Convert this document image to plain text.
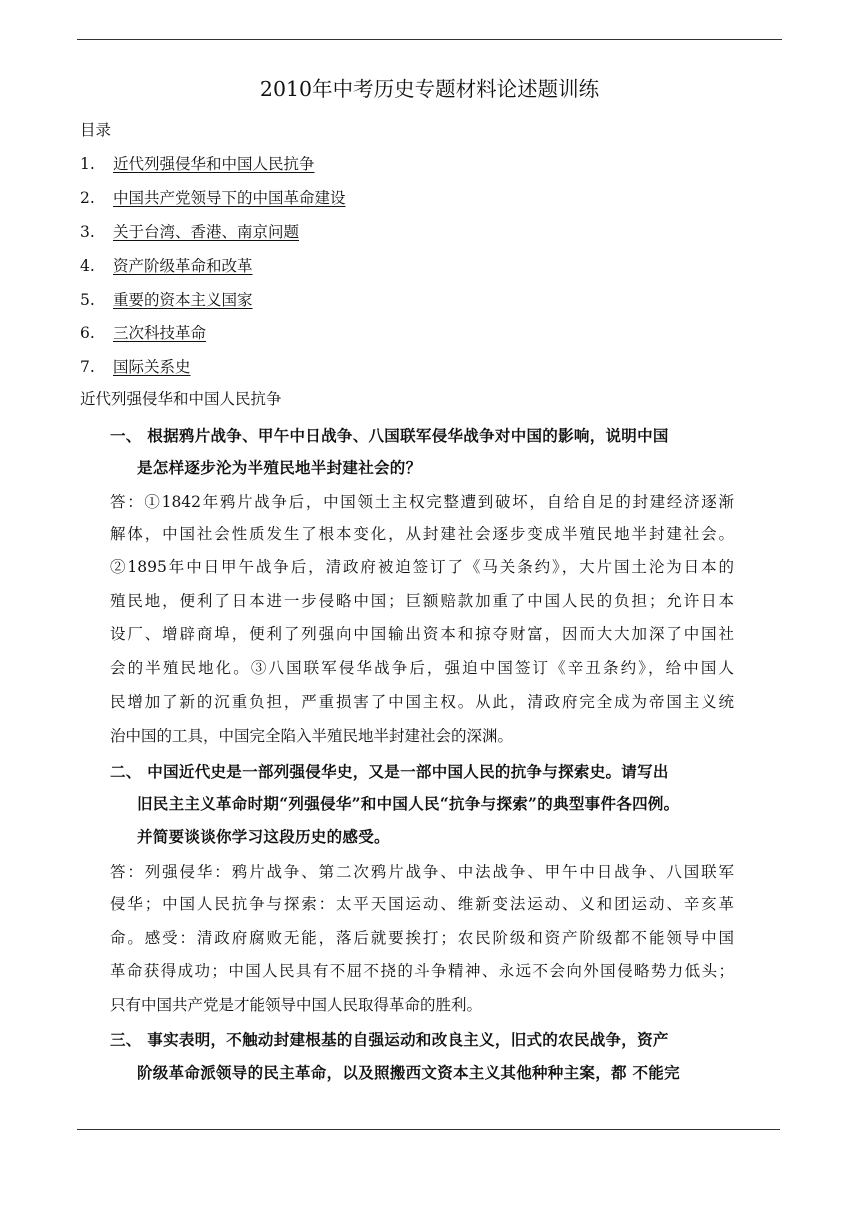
2010年中考历史专题材料论述题训练
目录
1. 近代列强侵华和中国人民抗争
2. 中国共产党领导下的中国革命建设
3. 关于台湾、香港、南京问题
4. 资产阶级革命和改革
5. 重要的资本主义国家
6.	三次科技革命
7. 国际关系史
近代列强侵华和中国人民抗争
一、 根据鸦片战争、甲午中日战争、八国联军侵华战争对中国的影响，说明中国
是怎样逐步沦为半殖民地半封建社会的？
答：①1842年鸦片战争后，中国领土主权完整遭到破坏，自给自足的封建经济逐渐
解体，中国社会性质发生了根本变化，从封建社会逐步变成半殖民地半封建社会。
②1895年中日甲午战争后，清政府被迫签订了《马关条约》，大片国土沦为日本的
殖民地，便利了日本进一步侵略中国；巨额赔款加重了中国人民的负担；允许日本
设厂、增辟商埠，便利了列强向中国输出资本和掠夺财富，因而大大加深了中国社
会的半殖民地化。③八国联军侵华战争后，强迫中国签订《辛丑条约》，给中国人
民增加了新的沉重负担，严重损害了中国主权。从此，清政府完全成为帝国主义统
治中国的工具，中国完全陷入半殖民地半封建社会的深渊。
二、 中国近代史是一部列强侵华史，又是一部中国人民的抗争与探索史。请写出
旧民主主义革命时期“列强侵华”和中国人民“抗争与探索”的典型事件各四例。
并简要谈谈你学习这段历史的感受。
答：列强侵华：鸦片战争、第二次鸦片战争、中法战争、甲午中日战争、八国联军
侵华；中国人民抗争与探索：太平天国运动、维新变法运动、义和团运动、辛亥革
命。感受：清政府腐败无能，落后就要挨打；农民阶级和资产阶级都不能领导中国
革命获得成功；中国人民具有不屈不挠的斗争精神、永远不会向外国侵略势力低头；
只有中国共产党是才能领导中国人民取得革命的胜利。
三、 事实表明，不触动封建根基的自强运动和改良主义，旧式的农民战争，资产
阶级革命派领导的民主革命，以及照搬西文资本主义其他种种主案，都 不能完
